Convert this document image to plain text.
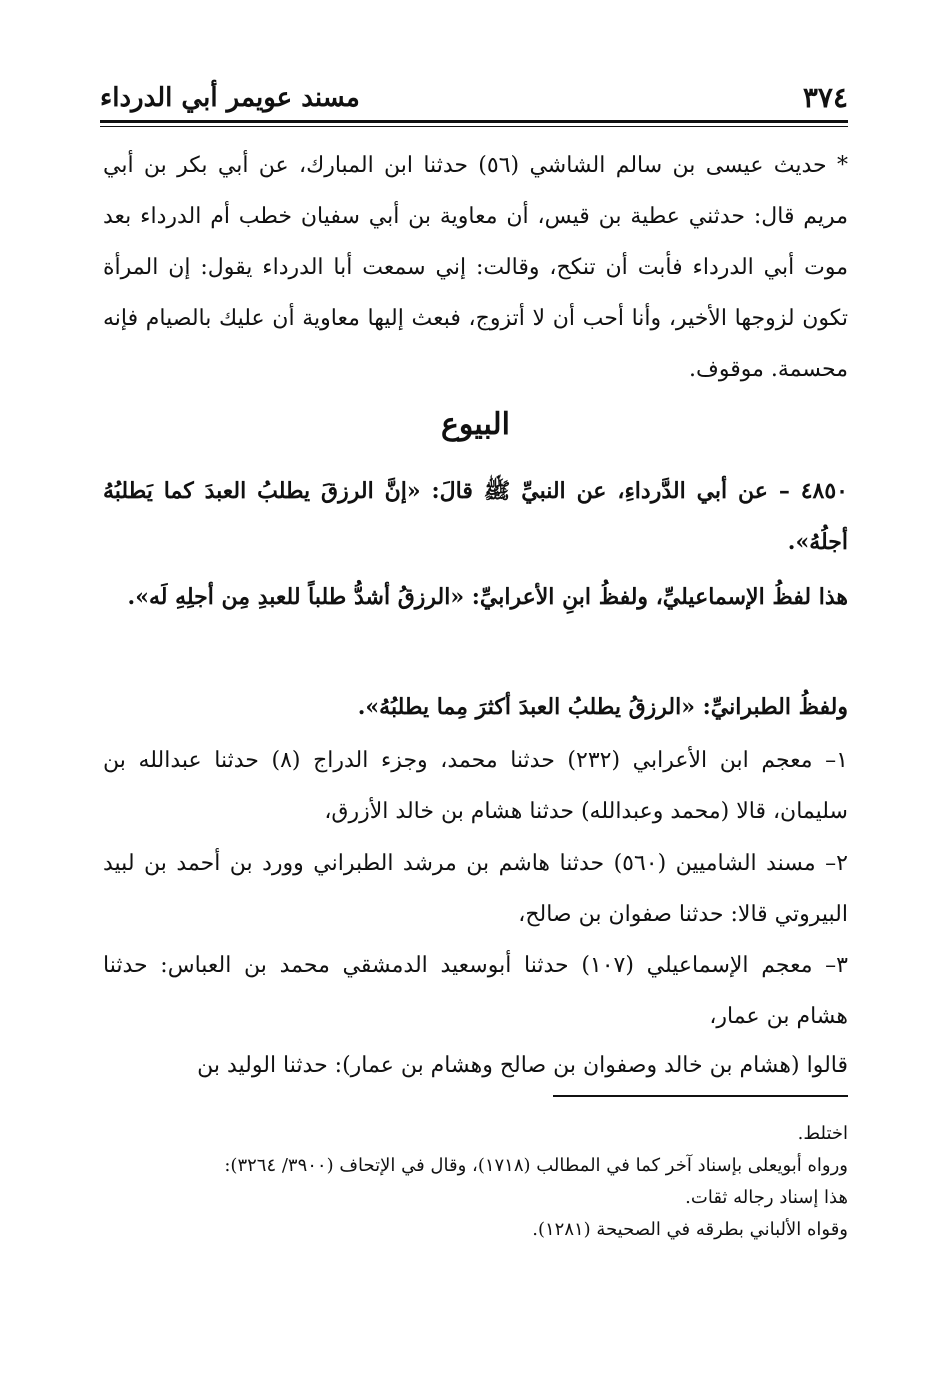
٣٧٤
مسند عويمر أبي الدرداء

* حديث عيسى بن سالم الشاشي (٥٦) حدثنا ابن المبارك، عن أبي بكر بن أبي مريم قال: حدثني عطية بن قيس، أن معاوية بن أبي سفيان خطب أم الدرداء بعد موت أبي الدرداء فأبت أن تنكح، وقالت: إني سمعت أبا الدرداء يقول: إن المرأة تكون لزوجها الأخير، وأنا أحب أن لا أتزوج، فبعث إليها معاوية أن عليك بالصيام فإنه محسمة. موقوف.

البيوع

٤٨٥٠ – عن أبي الدَّرداءِ، عن النبيِّ ﷺ قالَ: «إنَّ الرزقَ يطلبُ العبدَ كما يَطلبُهُ أجلُهُ».

هذا لفظُ الإسماعيليِّ، ولفظُ ابنِ الأعرابيِّ: «الرزقُ أشدُّ طلباً للعبدِ مِن أجلِهِ لَه».

ولفظُ الطبرانيِّ: «الرزقُ يطلبُ العبدَ أكثرَ مِما يطلبُهُ».

١– معجم ابن الأعرابي (٢٣٢) حدثنا محمد، وجزء الدراج (٨) حدثنا عبدالله بن سليمان، قالا (محمد وعبدالله) حدثنا هشام بن خالد الأزرق،

٢– مسند الشاميين (٥٦٠) حدثنا هاشم بن مرشد الطبراني وورد بن أحمد بن لبيد البيروتي قالا: حدثنا صفوان بن صالح،

٣– معجم الإسماعيلي (١٠٧) حدثنا أبوسعيد الدمشقي محمد بن العباس: حدثنا هشام بن عمار،

قالوا (هشام بن خالد وصفوان بن صالح وهشام بن عمار): حدثنا الوليد بن

اختلط.
ورواه أبويعلى بإسناد آخر كما في المطالب (١٧١٨)، وقال في الإتحاف (٣٩٠٠/ ٣٢٦٤):
هذا إسناد رجاله ثقات.
وقواه الألباني بطرقه في الصحيحة (١٢٨١).
